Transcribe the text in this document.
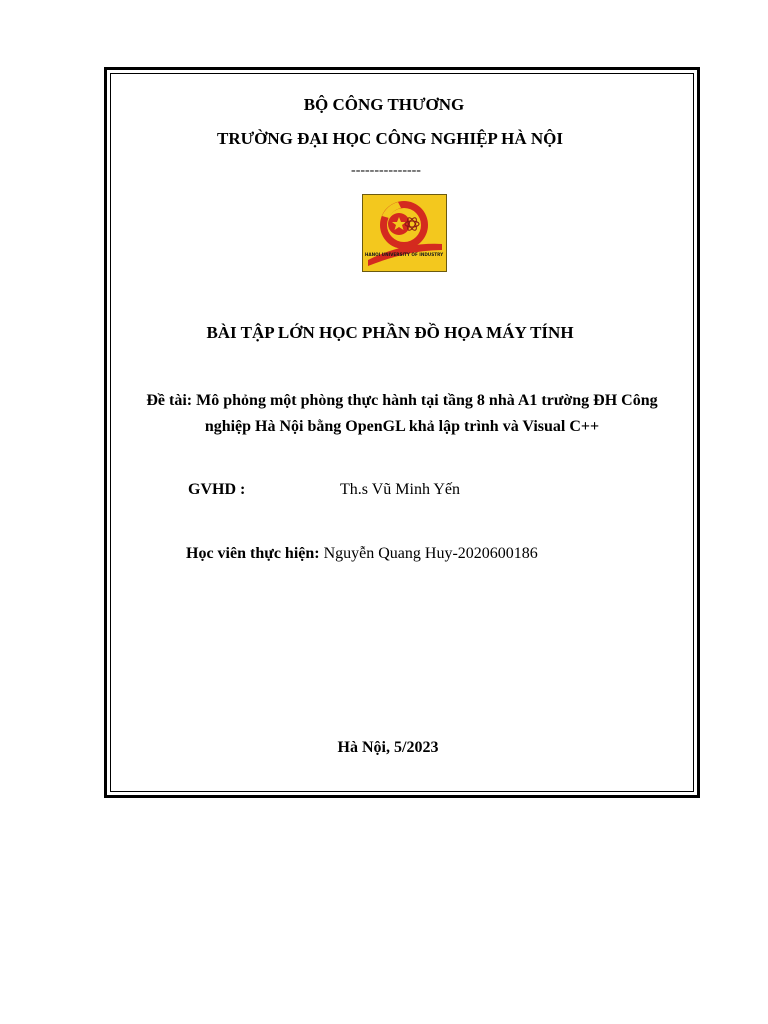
BỘ CÔNG THƯƠNG
TRƯỜNG ĐẠI HỌC CÔNG NGHIỆP HÀ NỘI
---------------
HANOI UNIVERSITY OF INDUSTRY
BÀI TẬP LỚN HỌC PHẦN ĐỒ HỌA MÁY TÍNH
Đề tài: Mô phỏng một phòng thực hành tại tầng 8 nhà A1 trường ĐH Công
nghiệp Hà Nội bằng OpenGL khả lập trình và Visual C++
GVHD :	Th.s Vũ Minh Yến
Học viên thực hiện: Nguyễn Quang Huy-2020600186
Hà Nội, 5/2023
